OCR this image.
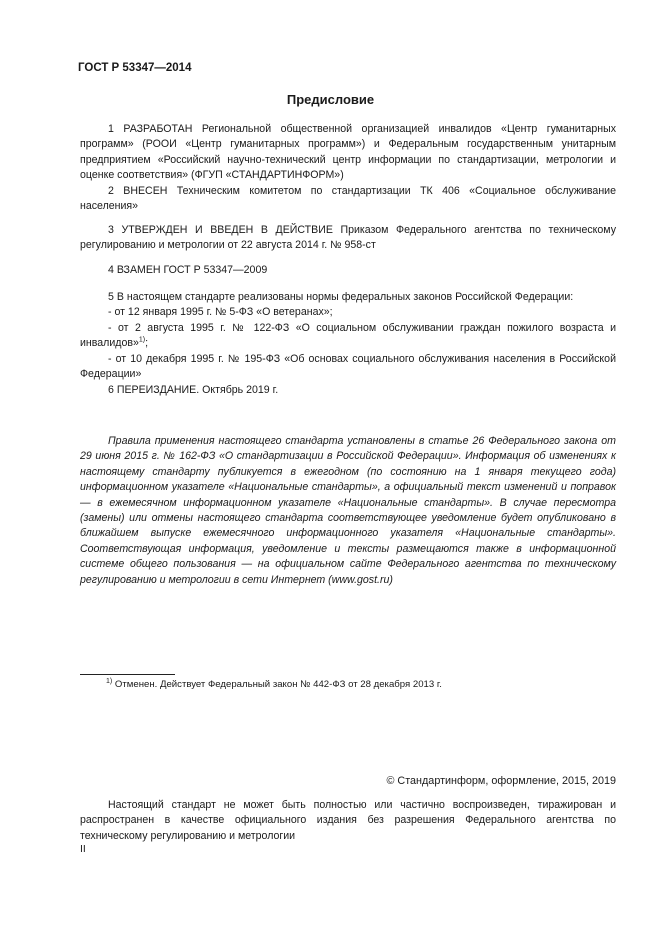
ГОСТ Р 53347—2014
Предисловие
1 РАЗРАБОТАН Региональной общественной организацией инвалидов «Центр гуманитарных программ» (РООИ «Центр гуманитарных программ») и Федеральным государственным унитарным предприятием «Российский научно-технический центр информации по стандартизации, метрологии и оценке соответствия» (ФГУП «СТАНДАРТИНФОРМ»)
2 ВНЕСЕН Техническим комитетом по стандартизации ТК 406 «Социальное обслуживание населения»
3 УТВЕРЖДЕН И ВВЕДЕН В ДЕЙСТВИЕ Приказом Федерального агентства по техническому регулированию и метрологии от 22 августа 2014 г. № 958-ст
4 ВЗАМЕН ГОСТ Р 53347—2009
5 В настоящем стандарте реализованы нормы федеральных законов Российской Федерации:
- от 12 января 1995 г. № 5-ФЗ «О ветеранах»;
- от 2 августа 1995 г. № 122-ФЗ «О социальном обслуживании граждан пожилого возраста и инвалидов»$^{1)}$;
- от 10 декабря 1995 г. № 195-ФЗ «Об основах социального обслуживания населения в Российской Федерации»
6 ПЕРЕИЗДАНИЕ. Октябрь 2019 г.
Правила применения настоящего стандарта установлены в статье 26 Федерального закона от 29 июня 2015 г. № 162-ФЗ «О стандартизации в Российской Федерации». Информация об изменениях к настоящему стандарту публикуется в ежегодном (по состоянию на 1 января текущего года) информационном указателе «Национальные стандарты», а официальный текст изменений и поправок — в ежемесячном информационном указателе «Национальные стандарты». В случае пересмотра (замены) или отмены настоящего стандарта соответствующее уведомление будет опубликовано в ближайшем выпуске ежемесячного информационного указателя «Национальные стандарты». Соответствующая информация, уведомление и тексты размещаются также в информационной системе общего пользования — на официальном сайте Федерального агентства по техническому регулированию и метрологии в сети Интернет (www.gost.ru)
$^{1)}$ Отменен. Действует Федеральный закон № 442-ФЗ от 28 декабря 2013 г.
© Стандартинформ, оформление, 2015, 2019
Настоящий стандарт не может быть полностью или частично воспроизведен, тиражирован и распространен в качестве официального издания без разрешения Федерального агентства по техническому регулированию и метрологии
II
